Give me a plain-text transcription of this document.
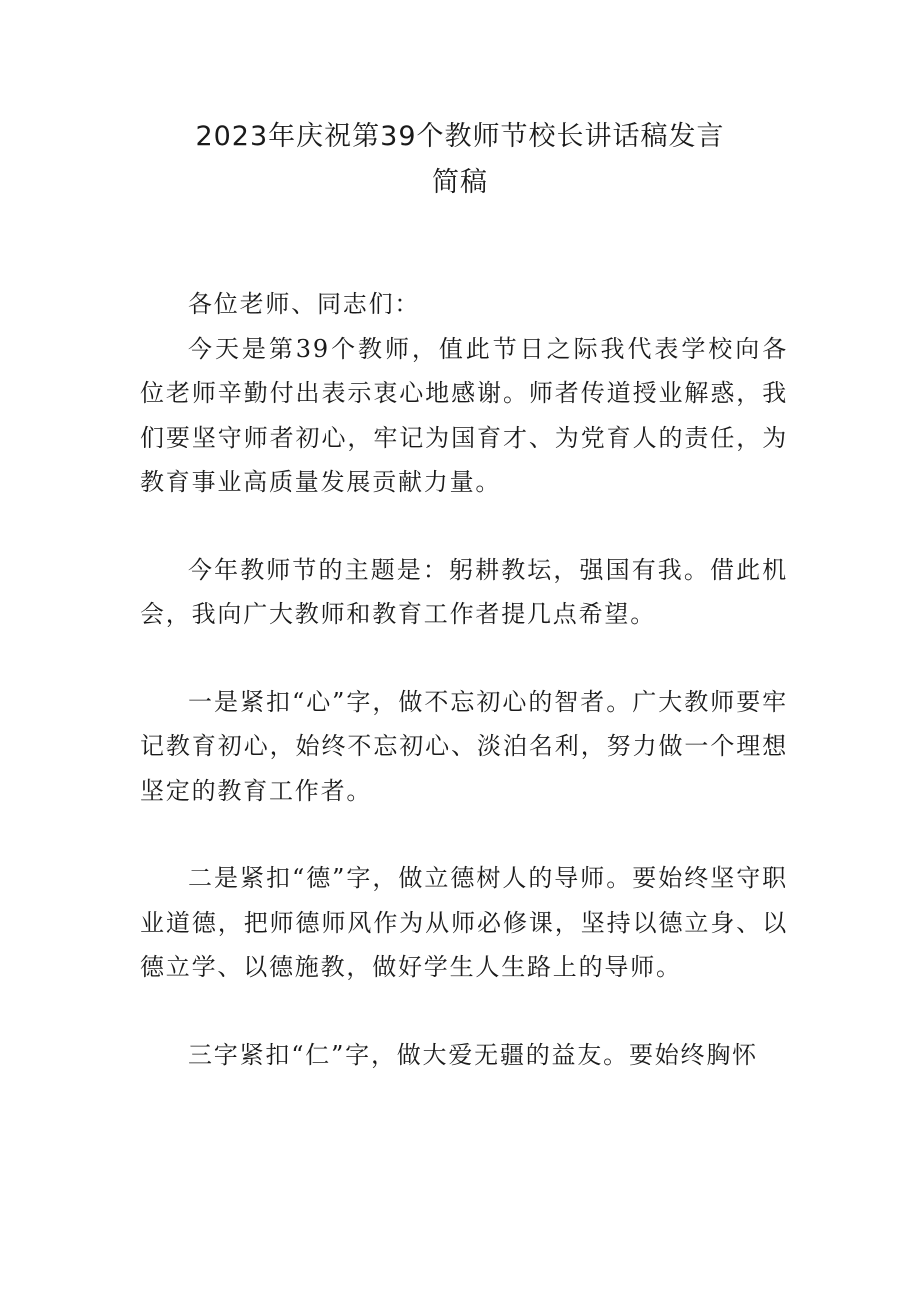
2023年庆祝第39个教师节校长讲话稿发言
简稿

各位老师、同志们：

今天是第39个教师，值此节日之际我代表学校向各位老师辛勤付出表示衷心地感谢。师者传道授业解惑，我们要坚守师者初心，牢记为国育才、为党育人的责任，为教育事业高质量发展贡献力量。

今年教师节的主题是：躬耕教坛，强国有我。借此机会，我向广大教师和教育工作者提几点希望。

一是紧扣“心”字，做不忘初心的智者。广大教师要牢记教育初心，始终不忘初心、淡泊名利，努力做一个理想坚定的教育工作者。

二是紧扣“德”字，做立德树人的导师。要始终坚守职业道德，把师德师风作为从师必修课，坚持以德立身、以德立学、以德施教，做好学生人生路上的导师。

三字紧扣“仁”字，做大爱无疆的益友。要始终胸怀
